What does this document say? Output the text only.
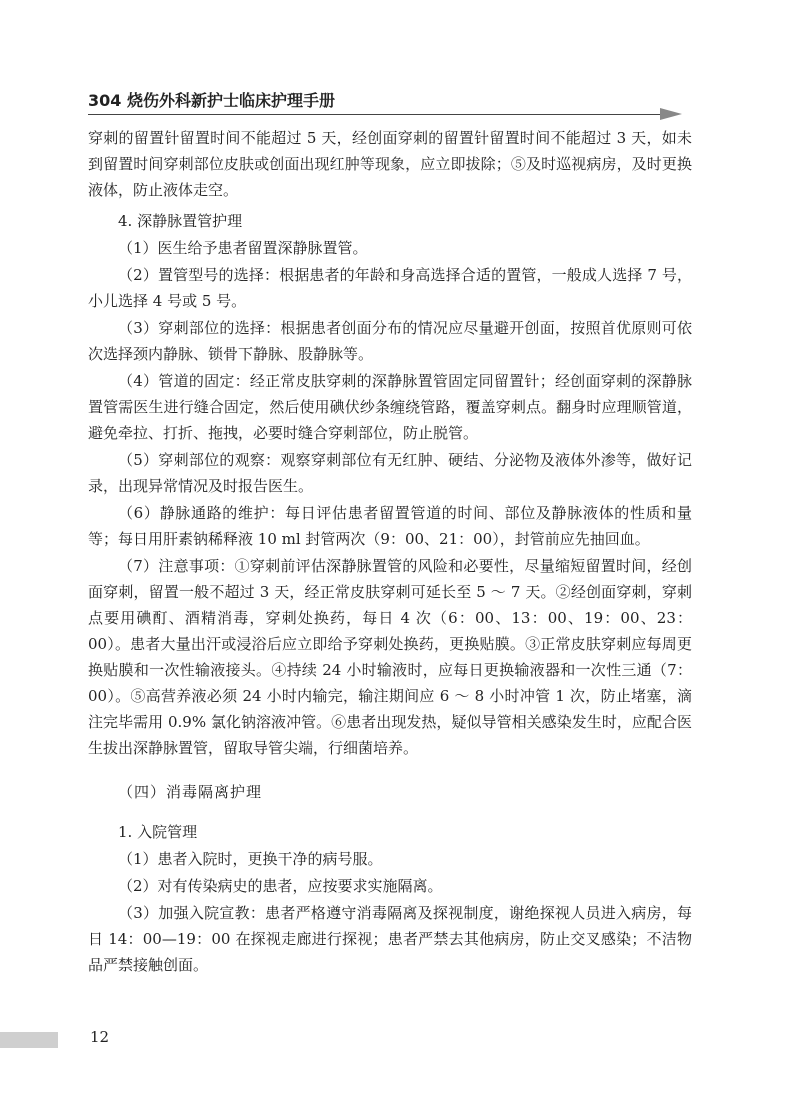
304 烧伤外科新护士临床护理手册

穿刺的留置针留置时间不能超过 5 天，经创面穿刺的留置针留置时间不能超过 3 天，如未到留置时间穿刺部位皮肤或创面出现红肿等现象，应立即拔除；⑤及时巡视病房，及时更换液体，防止液体走空。

4. 深静脉置管护理

（1）医生给予患者留置深静脉置管。

（2）置管型号的选择：根据患者的年龄和身高选择合适的置管，一般成人选择 7 号，小儿选择 4 号或 5 号。

（3）穿刺部位的选择：根据患者创面分布的情况应尽量避开创面，按照首优原则可依次选择颈内静脉、锁骨下静脉、股静脉等。

（4）管道的固定：经正常皮肤穿刺的深静脉置管固定同留置针；经创面穿刺的深静脉置管需医生进行缝合固定，然后使用碘伏纱条缠绕管路，覆盖穿刺点。翻身时应理顺管道，避免牵拉、打折、拖拽，必要时缝合穿刺部位，防止脱管。

（5）穿刺部位的观察：观察穿刺部位有无红肿、硬结、分泌物及液体外渗等，做好记录，出现异常情况及时报告医生。

（6）静脉通路的维护：每日评估患者留置管道的时间、部位及静脉液体的性质和量等；每日用肝素钠稀释液 10 ml 封管两次（9：00、21：00），封管前应先抽回血。

（7）注意事项：①穿刺前评估深静脉置管的风险和必要性，尽量缩短留置时间，经创面穿刺，留置一般不超过 3 天，经正常皮肤穿刺可延长至 5 ～ 7 天。②经创面穿刺，穿刺点要用碘酊、酒精消毒，穿刺处换药，每日 4 次（6：00、13：00、19：00、23：00）。患者大量出汗或浸浴后应立即给予穿刺处换药，更换贴膜。③正常皮肤穿刺应每周更换贴膜和一次性输液接头。④持续 24 小时输液时，应每日更换输液器和一次性三通（7：00）。⑤高营养液必须 24 小时内输完，输注期间应 6 ～ 8 小时冲管 1 次，防止堵塞，滴注完毕需用 0.9% 氯化钠溶液冲管。⑥患者出现发热，疑似导管相关感染发生时，应配合医生拔出深静脉置管，留取导管尖端，行细菌培养。

（四）消毒隔离护理

1. 入院管理

（1）患者入院时，更换干净的病号服。

（2）对有传染病史的患者，应按要求实施隔离。

（3）加强入院宣教：患者严格遵守消毒隔离及探视制度，谢绝探视人员进入病房，每日 14：00—19：00 在探视走廊进行探视；患者严禁去其他病房，防止交叉感染；不洁物品严禁接触创面。

12
